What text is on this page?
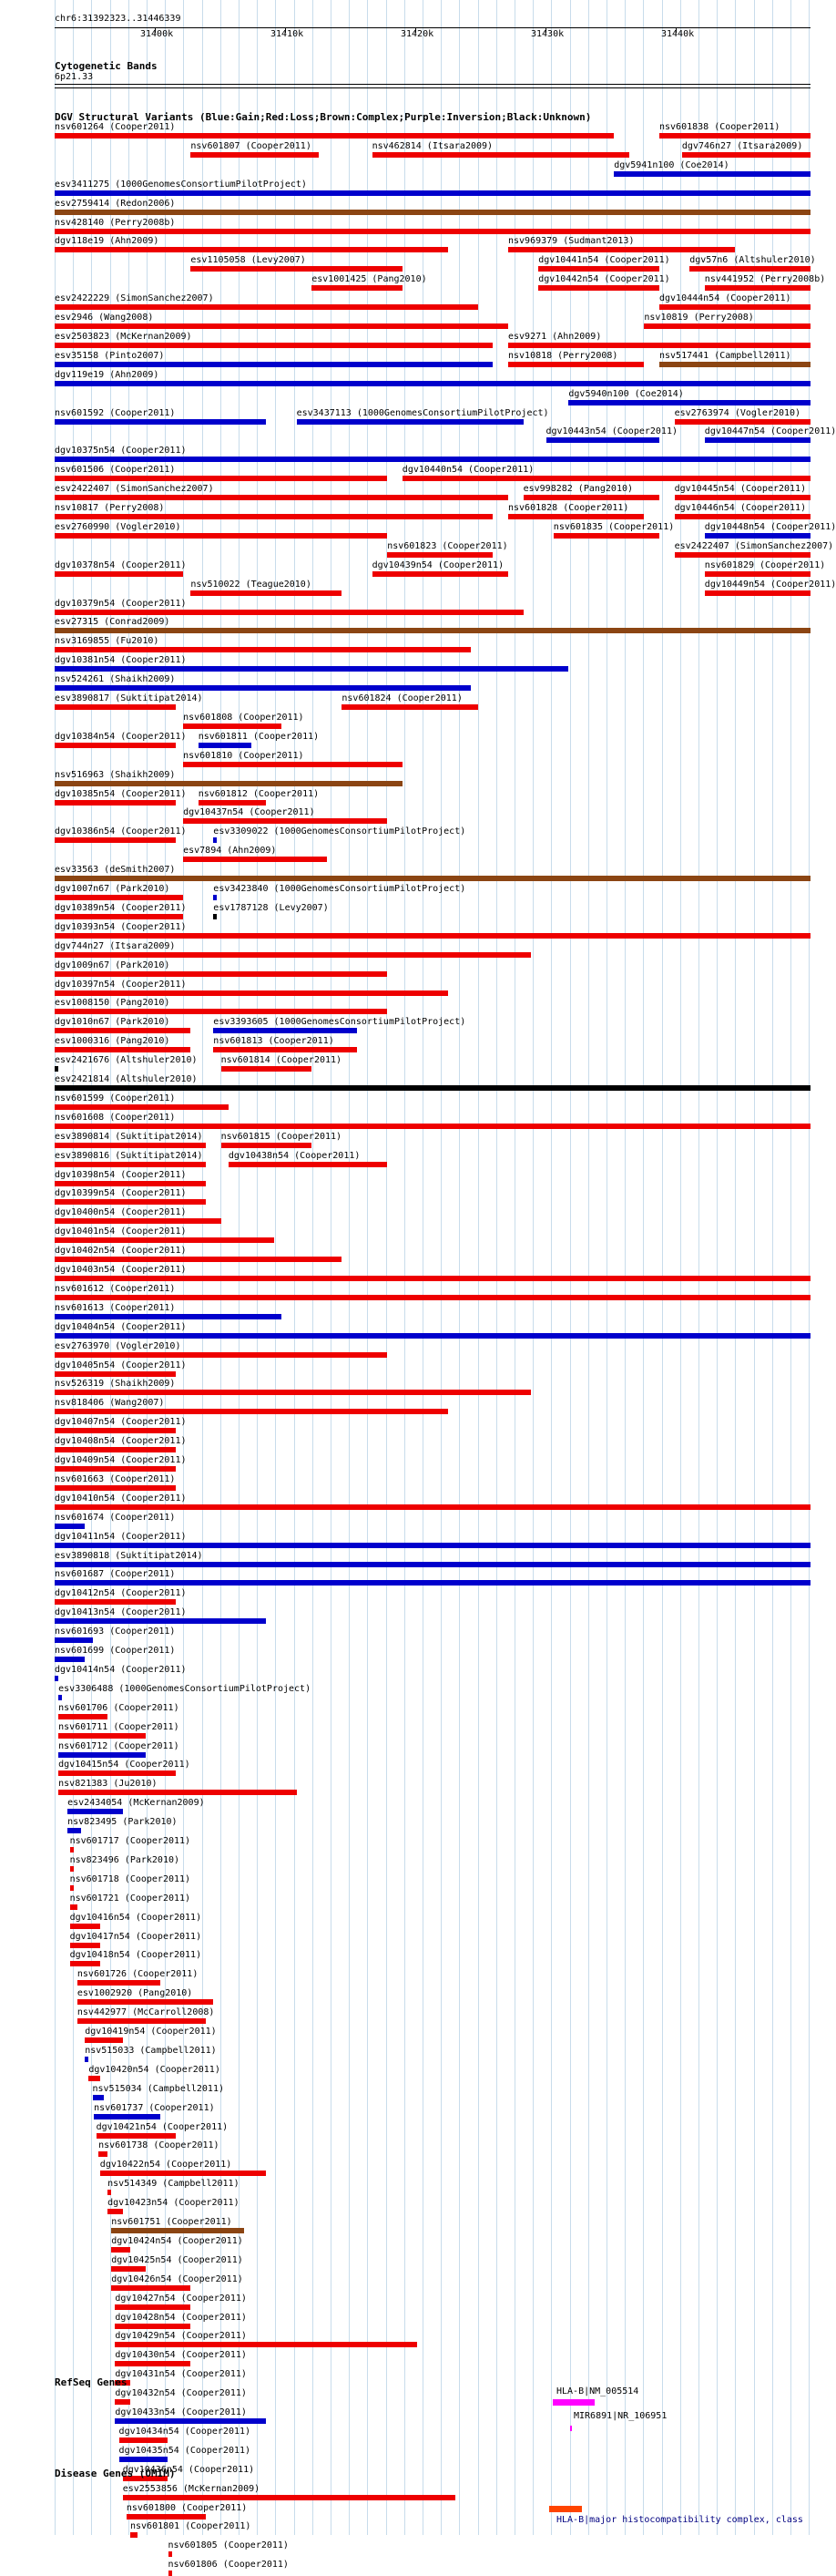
chr6:31392323..31446339
31400k	31410k	31420k	31430k	31440k
Cytogenetic Bands
6p21.33
DGV Structural Variants (Blue:Gain;Red:Loss;Brown:Complex;Purple:Inversion;Black:Unknown)
nsv601264 (Cooper2011)
nsv601807 (Cooper2011)	nsv462814 (Itsara2009)
dgv5941n100 (Coe2014)
esv3411275 (1000GenomesConsortiumPilotProject)
esv2759414 (Redon2006)
nsv428140 (Perry2008b)
dgv118e19 (Ahn2009)
esv1105058 (Levy2007)
esv1001425 (Pang2010)
nsv969379 (Sudmant2013)
nsv601838 (Cooper2011)
esv2422229 (SimonSanchez2007)
dgv10441n54 (Cooper2011)
dgv746n27 (Itsara2009)
esv2946 (Wang2008)
dgv10442n54 (Cooper2011)
dgv10444n54 (Cooper2011)
esv2503823 (McKernan2009)	esv9271 (Ahn2009)
esv35158 (Pinto2007)	nsv10818 (Perry2008)
nsv10819 (Perry2008)
dgv119e19 (Ahn2009)
dgv5940n100 (Coe2014)
nsv601592 (Cooper2011)	esv3437113 (1000GenomesConsortiumPilotProject)
dgv10443n54 (Cooper2011)
nsv517441 (Campbell2011)
dgv10375n54 (Cooper2011)
nsv601506 (Cooper2011)	dgv10440n54 (Cooper2011)
esv2422407 (SimonSanchez2007)	esv998282 (Pang2010)
esv2763974 (Vogler2010)
nsv10817 (Perry2008)	nsv601828 (Cooper2011)
dgv10445n54 (Cooper2011)
esv2760990 (Vogler2010)
nsv601823 (Cooper2011)
nsv601835 (Cooper2011)
dgv10446n54 (Cooper2011)
dgv10378n54 (Cooper2011)
nsv510022 (Teague2010)
dgv10439n54 (Cooper2011)
dgv57n6 (Altshuler2010)
dgv10379n54 (Cooper2011)
esv2422407 (SimonSanchez2007)
esv27315 (Conrad2009)
nsv3169855 (Fu2010)
nsv441952 (Perry2008b)
dgv10381n54 (Cooper2011)
dgv10447n54 (Cooper2011)
nsv524261 (Shaikh2009)
dgv10448n54 (Cooper2011)
esv3890817 (Suktitipat2014)
nsv601808 (Cooper2011)
nsv601824 (Cooper2011)
nsv601829 (Cooper2011)
dgv10384n54 (Cooper2011)
nsv601810 (Cooper2011)
dgv10449n54 (Cooper2011)
nsv516963 (Shaikh2009)
dgv10385n54 (Cooper2011)
dgv10437n54 (Cooper2011)
dgv10386n54 (Cooper2011)
esv7894 (Ahn2009)
esv33563 (deSmith2007)
dgv1007n67 (Park2010)
nsv601811 (Cooper2011)
dgv10389n54 (Cooper2011)
nsv601812 (Cooper2011)
dgv10393n54 (Cooper2011)
dgv744n27 (Itsara2009)
dgv1009n67 (Park2010)
dgv10397n54 (Cooper2011)
esv1008150 (Pang2010)
dgv1010n67 (Park2010)
esv3309022 (1000GenomesConsortiumPilotProject)
esv1000316 (Pang2010)
esv3423840 (1000GenomesConsortiumPilotProject)
esv2421676 (Altshuler2010)
esv2421814 (Altshuler2010)
nsv601599 (Cooper2011)
esv1787128 (Levy2007)
nsv601608 (Cooper2011)
esv3890814 (Suktitipat2014)
esv3393605 (1000GenomesConsortiumPilotProject)
esv3890816 (Suktitipat2014)
nsv601813 (Cooper2011)
dgv10398n54 (Cooper2011)
nsv601814 (Cooper2011)
dgv10399n54 (Cooper2011)
nsv601815 (Cooper2011)
dgv10400n54 (Cooper2011)
dgv10438n54 (Cooper2011)
dgv10401n54 (Cooper2011)
dgv10402n54 (Cooper2011)
dgv10403n54 (Cooper2011)
nsv601612 (Cooper2011)
nsv601613 (Cooper2011)
dgv10404n54 (Cooper2011)
esv2763970 (Vogler2010)
dgv10405n54 (Cooper2011)
nsv526319 (Shaikh2009)
nsv818406 (Wang2007)
dgv10407n54 (Cooper2011)
dgv10408n54 (Cooper2011)
dgv10409n54 (Cooper2011)
nsv601663 (Cooper2011)
dgv10410n54 (Cooper2011)
nsv601674 (Cooper2011)
dgv10411n54 (Cooper2011)
esv3890818 (Suktitipat2014)
nsv601687 (Cooper2011)
dgv10412n54 (Cooper2011)
dgv10413n54 (Cooper2011)
nsv601693 (Cooper2011)
nsv601699 (Cooper2011)
dgv10414n54 (Cooper2011)
esv3306488 (1000GenomesConsortiumPilotProject)
nsv601706 (Cooper2011)
nsv601711 (Cooper2011)
nsv601712 (Cooper2011)
dgv10415n54 (Cooper2011)
nsv821383 (Ju2010)
esv2434054 (McKernan2009)
nsv823495 (Park2010)
nsv601717 (Cooper2011)
nsv823496 (Park2010)
nsv601718 (Cooper2011)
nsv601721 (Cooper2011)
dgv10416n54 (Cooper2011)
dgv10417n54 (Cooper2011)
dgv10418n54 (Cooper2011)
nsv601726 (Cooper2011)
esv1002920 (Pang2010)
nsv442977 (McCarroll2008)
dgv10419n54 (Cooper2011)
nsv515033 (Campbell2011)
dgv10420n54 (Cooper2011)
nsv515034 (Campbell2011)
nsv601737 (Cooper2011)
dgv10421n54 (Cooper2011)
nsv601738 (Cooper2011)
dgv10422n54 (Cooper2011)
nsv514349 (Campbell2011)
dgv10423n54 (Cooper2011)
nsv601751 (Cooper2011)
dgv10424n54 (Cooper2011)
dgv10425n54 (Cooper2011)
dgv10426n54 (Cooper2011)
dgv10427n54 (Cooper2011)
dgv10428n54 (Cooper2011)
dgv10429n54 (Cooper2011)
dgv10430n54 (Cooper2011)
dgv10431n54 (Cooper2011)
dgv10432n54 (Cooper2011)
dgv10433n54 (Cooper2011)
dgv10434n54 (Cooper2011)
dgv10435n54 (Cooper2011)
dgv10436n54 (Cooper2011)
esv2553856 (McKernan2009)
nsv601800 (Cooper2011)
nsv601801 (Cooper2011)
nsv601805 (Cooper2011)
nsv601806 (Cooper2011)
RefSeq Genes
HLA-B|NM_005514
MIR6891|NR_106951
Disease Genes (OMIM)
HLA-B|major histocompatibility complex, class
